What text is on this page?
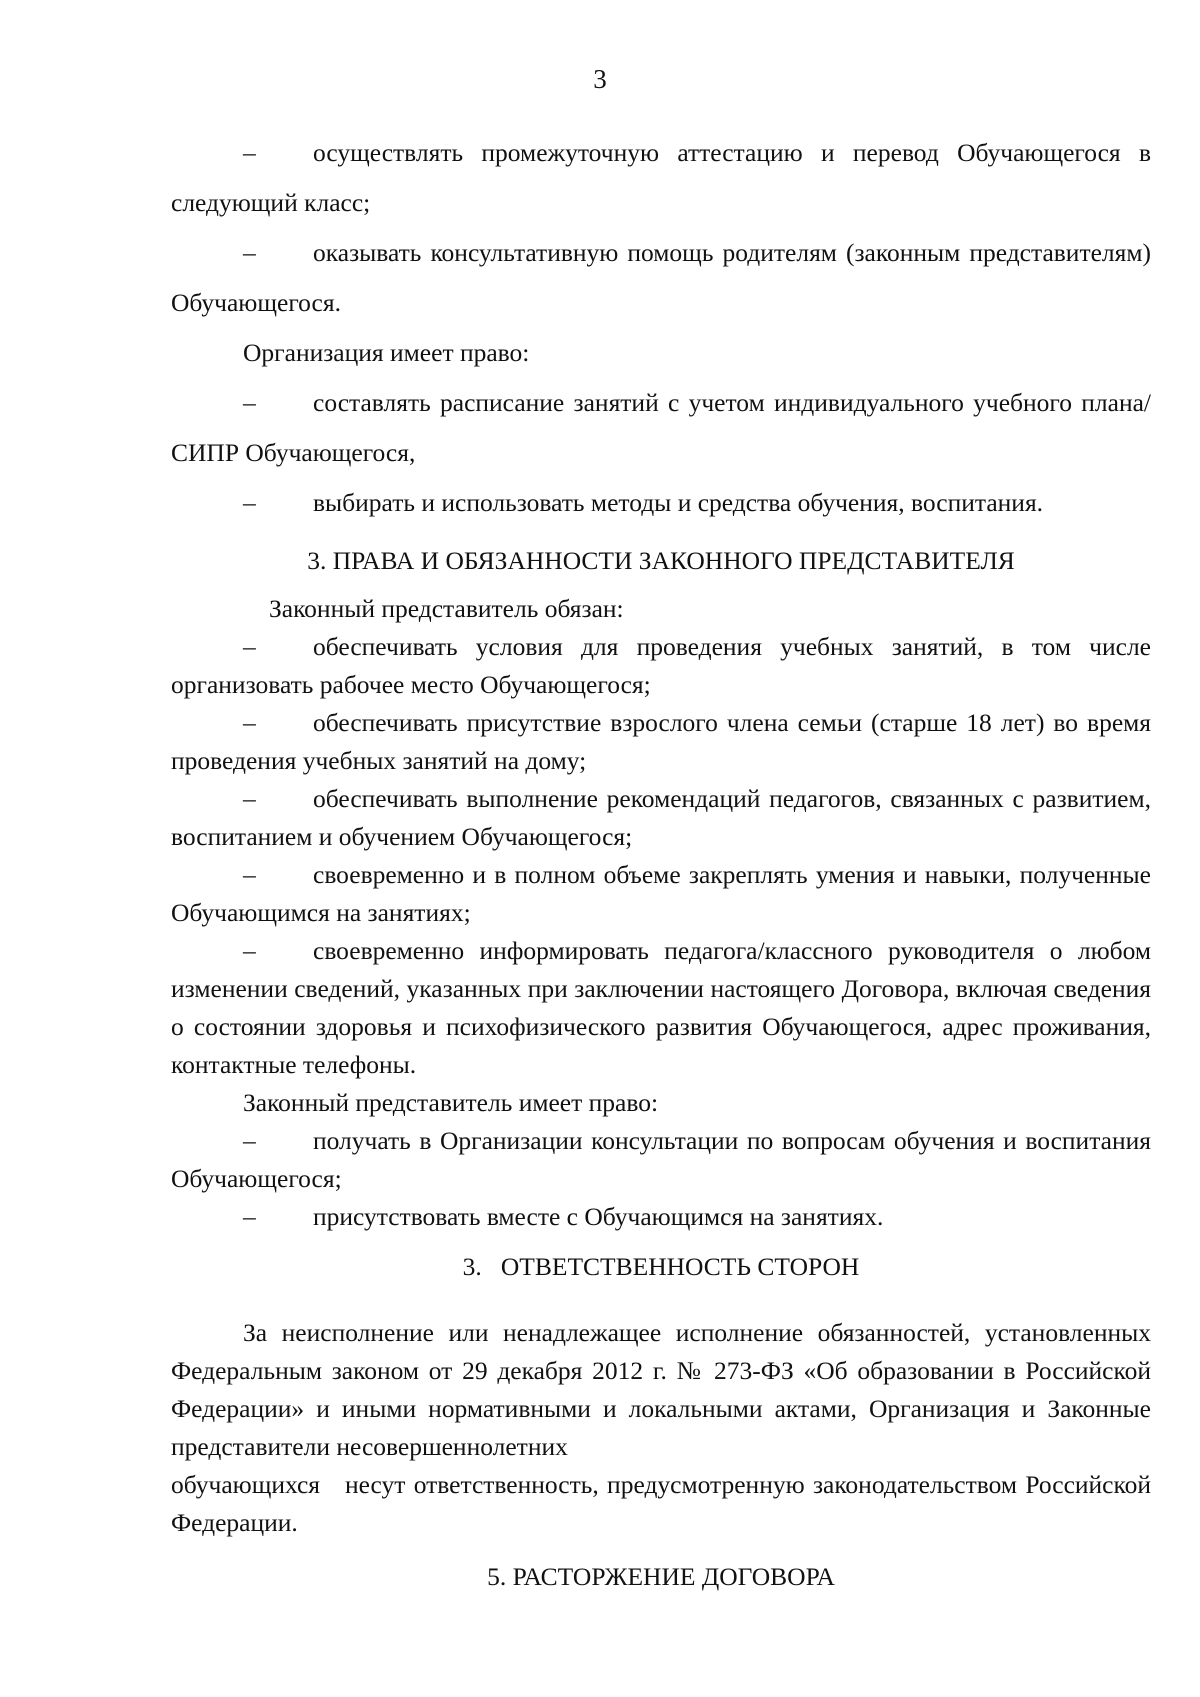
3

– осуществлять промежуточную аттестацию и перевод Обучающегося в следующий класс;

– оказывать консультативную помощь родителям (законным представителям) Обучающегося.

Организация имеет право:

– составлять расписание занятий с учетом индивидуального учебного плана/СИПР Обучающегося,

– выбирать и использовать методы и средства обучения, воспитания.

3. ПРАВА И ОБЯЗАННОСТИ ЗАКОННОГО ПРЕДСТАВИТЕЛЯ

Законный представитель обязан:

– обеспечивать условия для проведения учебных занятий, в том числе организовать рабочее место Обучающегося;

– обеспечивать присутствие взрослого члена семьи (старше 18 лет) во время проведения учебных занятий на дому;

– обеспечивать выполнение рекомендаций педагогов, связанных с развитием, воспитанием и обучением Обучающегося;

– своевременно и в полном объеме закреплять умения и навыки, полученные Обучающимся на занятиях;

– своевременно информировать педагога/классного руководителя о любом изменении сведений, указанных при заключении настоящего Договора, включая сведения о состоянии здоровья и психофизического развития Обучающегося, адрес проживания, контактные телефоны.

Законный представитель имеет право:

– получать в Организации консультации по вопросам обучения и воспитания Обучающегося;

– присутствовать вместе с Обучающимся на занятиях.

3.   ОТВЕТСТВЕННОСТЬ СТОРОН

За неисполнение или ненадлежащее исполнение обязанностей, установленных Федеральным законом от 29 декабря 2012 г. № 273-ФЗ «Об образовании в Российской Федерации» и иными нормативными и локальными актами, Организация и Законные представители несовершеннолетних

обучающихся   несут ответственность, предусмотренную законодательством Российской Федерации.

5. РАСТОРЖЕНИЕ ДОГОВОРА
